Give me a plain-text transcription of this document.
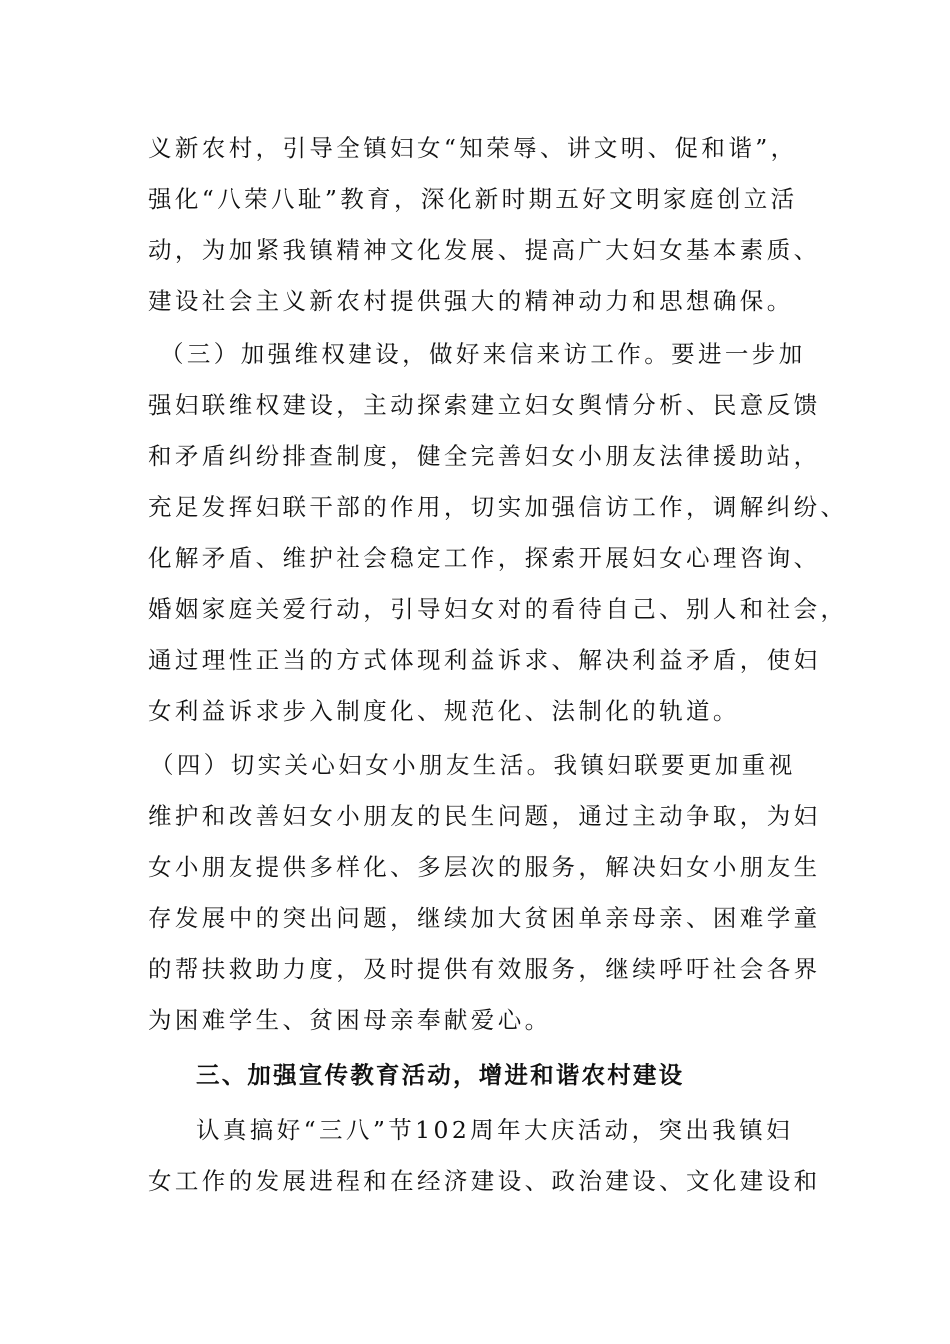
义新农村，引导全镇妇女“知荣辱、讲文明、促和谐”，
强化“八荣八耻”教育，深化新时期五好文明家庭创立活
动，为加紧我镇精神文化发展、提高广大妇女基本素质、
建设社会主义新农村提供强大的精神动力和思想确保。
（三）加强维权建设，做好来信来访工作。要进一步加
强妇联维权建设，主动探索建立妇女舆情分析、民意反馈
和矛盾纠纷排查制度，健全完善妇女小朋友法律援助站，
充足发挥妇联干部的作用，切实加强信访工作，调解纠纷、
化解矛盾、维护社会稳定工作，探索开展妇女心理咨询、
婚姻家庭关爱行动，引导妇女对的看待自己、别人和社会，
通过理性正当的方式体现利益诉求、解决利益矛盾，使妇
女利益诉求步入制度化、规范化、法制化的轨道。
（四）切实关心妇女小朋友生活。我镇妇联要更加重视
维护和改善妇女小朋友的民生问题，通过主动争取，为妇
女小朋友提供多样化、多层次的服务，解决妇女小朋友生
存发展中的突出问题，继续加大贫困单亲母亲、困难学童
的帮扶救助力度，及时提供有效服务，继续呼吁社会各界
为困难学生、贫困母亲奉献爱心。
三、加强宣传教育活动，增进和谐农村建设
认真搞好“三八”节102周年大庆活动，突出我镇妇
女工作的发展进程和在经济建设、政治建设、文化建设和
